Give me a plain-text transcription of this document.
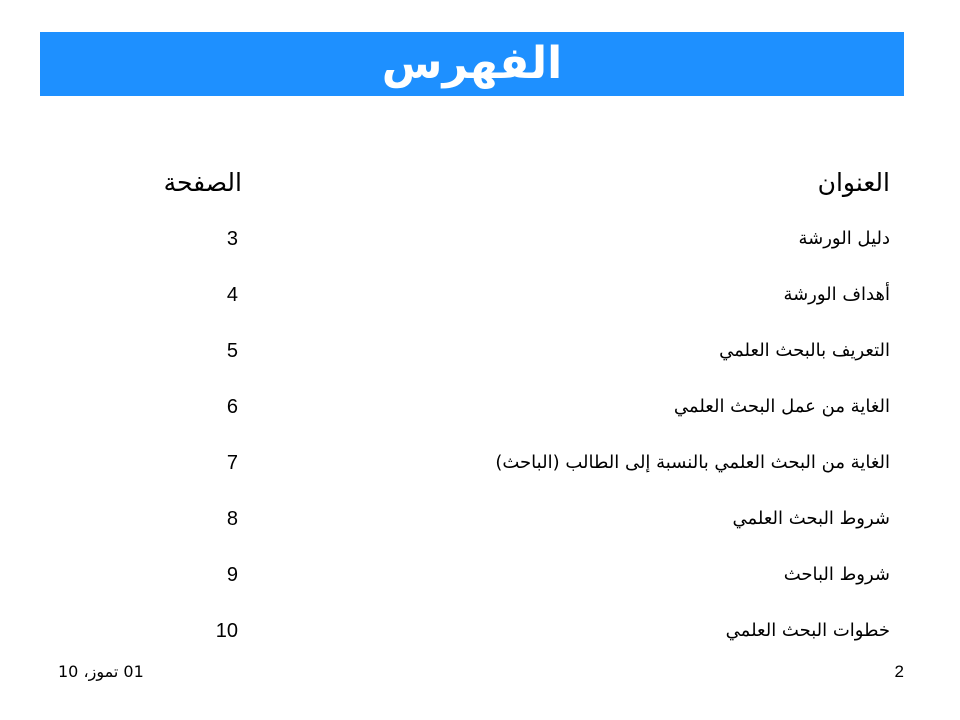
الفهرس
العنوان
الصفحة
دليل الورشة
3
أهداف الورشة
4
التعريف بالبحث العلمي
5
الغاية من عمل البحث العلمي
6
الغاية من البحث العلمي بالنسبة إلى الطالب (الباحث)
7
شروط البحث العلمي
8
شروط الباحث
9
خطوات البحث العلمي
10
2
01 تموز، 10
